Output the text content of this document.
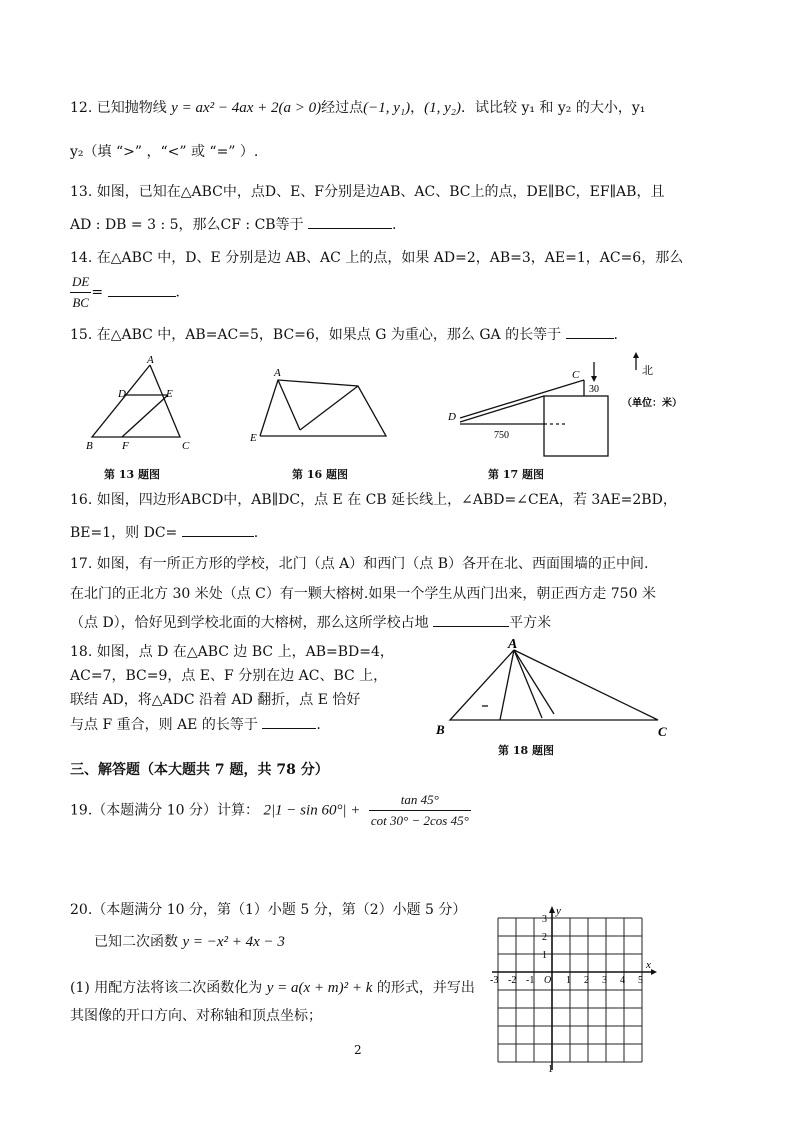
12. 已知抛物线 y = ax² − 4ax + 2(a > 0)经过点(−1, y₁)，(1, y₂)．试比较 y₁ 和 y₂ 的大小，y₁
y₂（填 “>” ，“<” 或 “=” ）.
13. 如图，已知在△ABC中，点D、E、F分别是边AB、AC、BC上的点，DE∥BC，EF∥AB，且
AD : DB = 3 : 5，那么CF : CB等于	.
14. 在△ABC 中，D、E 分别是边 AB、AC 上的点，如果 AD=2，AB=3，AE=1，AC=6，那么
$\frac{DE}{BC}$ =	.
15. 在△ABC 中，AB=AC=5，BC=6，如果点 G 为重心，那么 GA 的长等于	.
A
D	E
B	F	C
第 13 题图
A
E
第 16 题图
C
30
D
750
北
（单位：米）
第 17 题图
16. 如图，四边形ABCD中，AB∥DC，点 E 在 CB 延长线上，∠ABD=∠CEA，若 3AE=2BD，
BE=1，则 DC=	.
17. 如图，有一所正方形的学校，北门（点 A）和西门（点 B）各开在北、西面围墙的正中间.
在北门的正北方 30 米处（点 C）有一颗大榕树.如果一个学生从西门出来，朝正西方走 750 米
（点 D），恰好见到学校北面的大榕树，那么这所学校占地	平方米
18. 如图，点 D 在△ABC 边 BC 上，AB=BD=4，
AC=7，BC=9，点 E、F 分别在边 AC、BC 上，
联结 AD，将△ADC 沿着 AD 翻折，点 E 恰好
与点 F 重合，则 AE 的长等于	.
A
B	C
第 18 题图
三、解答题（本大题共 7 题，共 78 分）
19.（本题满分 10 分）计算： $2|1 - \sin 60^\circ| + \frac{\tan 45^\circ}{\cot 30^\circ - 2\cos 45^\circ}$
20.（本题满分 10 分，第（1）小题 5 分，第（2）小题 5 分）
已知二次函数 y = −x² + 4x − 3
(1) 用配方法将该二次函数化为 y = a(x + m)² + k 的形式，并写出
其图像的开口方向、对称轴和顶点坐标；
y
x
-3 -2 -1 O 1 2 3 4 5
3
2
1
1
2
